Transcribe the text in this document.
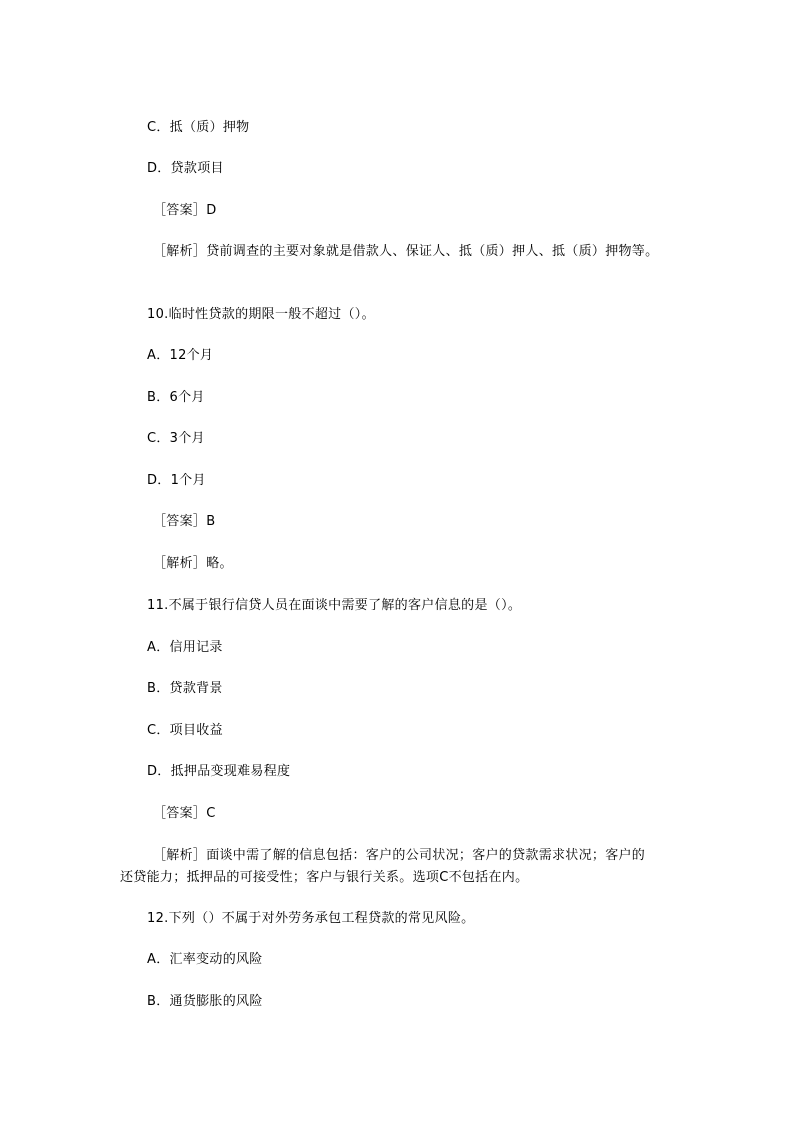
C．抵（质）押物
D．贷款项目
［答案］D
［解析］贷前调查的主要对象就是借款人、保证人、抵（质）押人、抵（质）押物等。
10.临时性贷款的期限一般不超过（）。
A．12个月
B．6个月
C．3个月
D．1个月
［答案］B
［解析］略。
11.不属于银行信贷人员在面谈中需要了解的客户信息的是（）。
A．信用记录
B．贷款背景
C．项目收益
D．抵押品变现难易程度
［答案］C
［解析］面谈中需了解的信息包括：客户的公司状况；客户的贷款需求状况；客户的
还贷能力；抵押品的可接受性；客户与银行关系。选项C不包括在内。
12.下列（）不属于对外劳务承包工程贷款的常见风险。
A．汇率变动的风险
B．通货膨胀的风险
